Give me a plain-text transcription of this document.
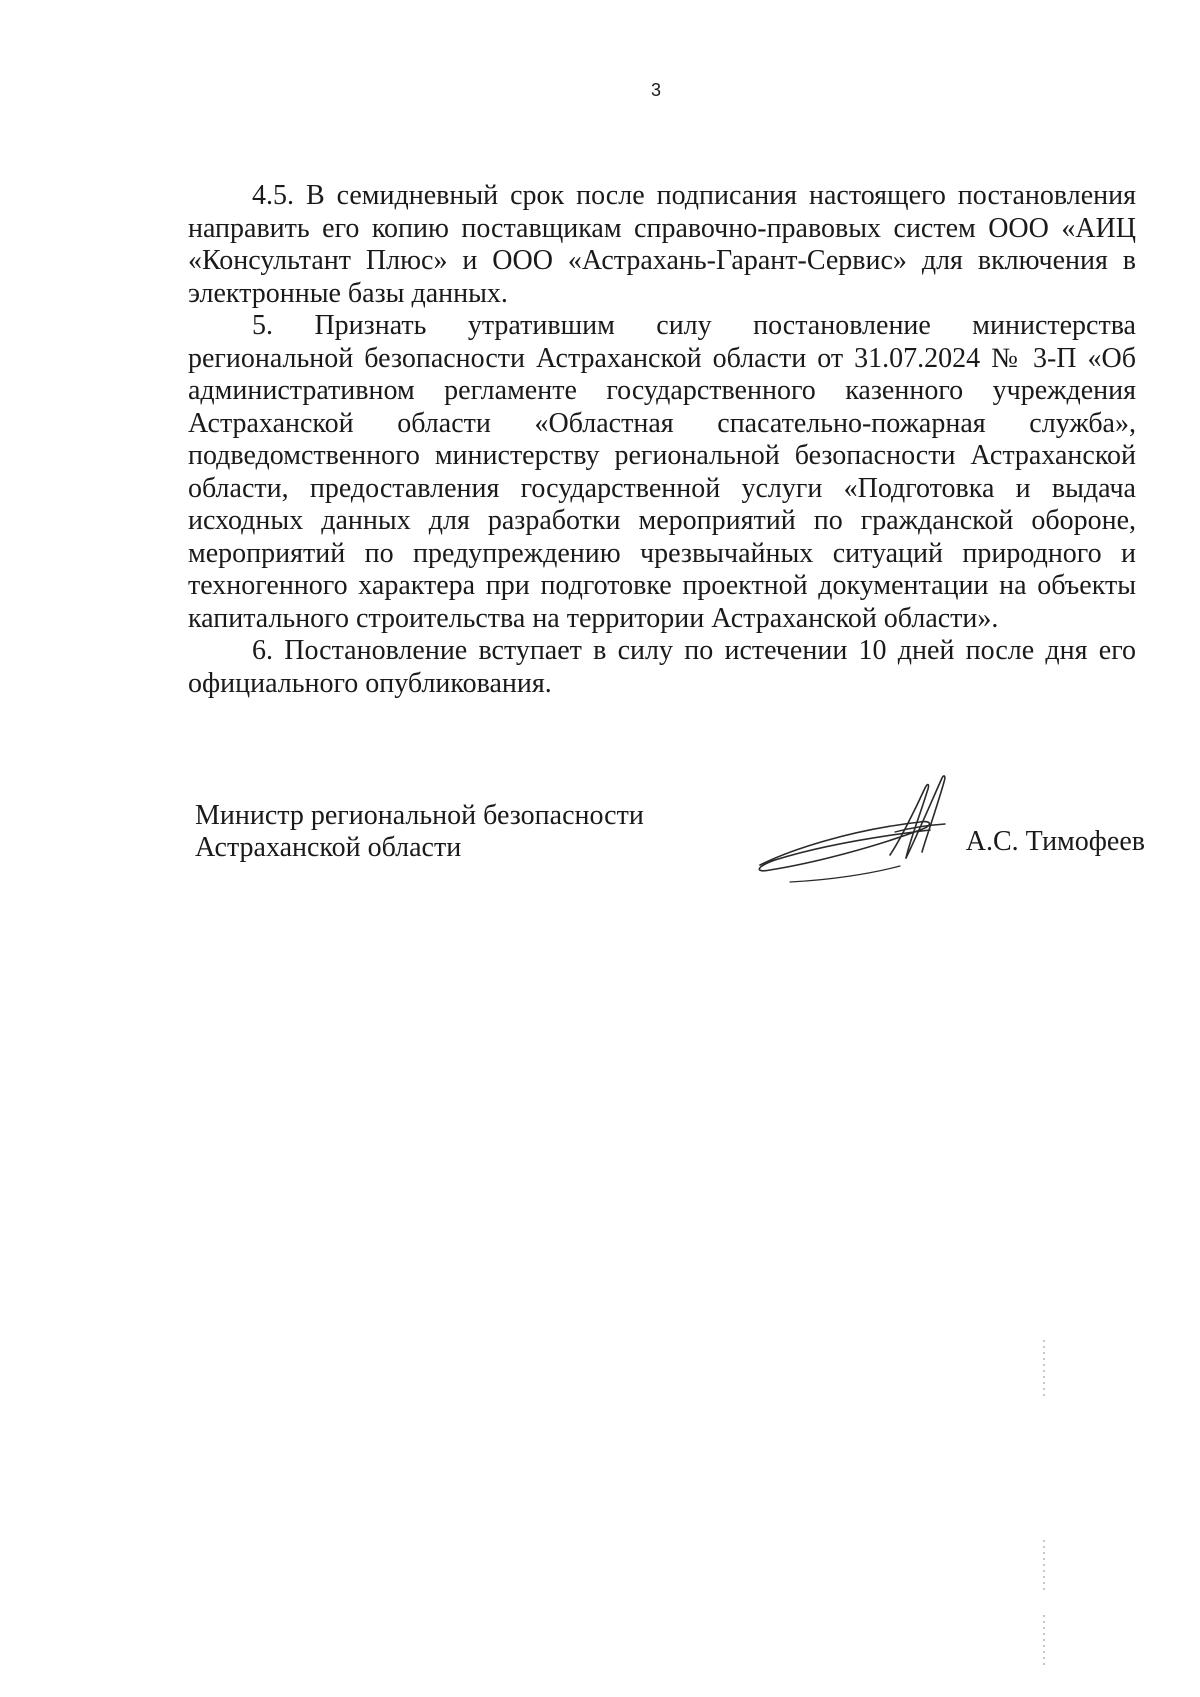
3

4.5. В семидневный срок после подписания настоящего постановления направить его копию поставщикам справочно-правовых систем ООО «АИЦ «Консультант Плюс» и ООО «Астрахань-Гарант-Сервис» для включения в электронные базы данных.

5. Признать утратившим силу постановление министерства региональной безопасности Астраханской области от 31.07.2024 № 3-П «Об административном регламенте государственного казенного учреждения Астраханской области «Областная спасательно-пожарная служба», подведомственного министерству региональной безопасности Астраханской области, предоставления государственной услуги «Подготовка и выдача исходных данных для разработки мероприятий по гражданской обороне, мероприятий по предупреждению чрезвычайных ситуаций природного и техногенного характера при подготовке проектной документации на объекты капитального строительства на территории Астраханской области».

6. Постановление вступает в силу по истечении 10 дней после дня его официального опубликования.

Министр региональной безопасности
Астраханской области	А.С. Тимофеев
